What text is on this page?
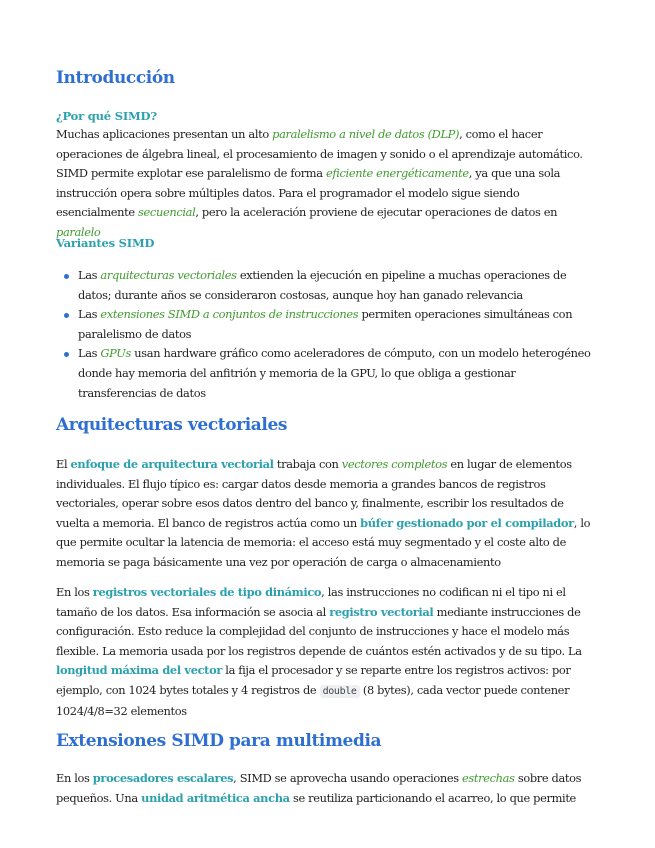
Introducción
¿Por qué SIMD?

Muchas aplicaciones presentan un alto paralelismo a nivel de datos (DLP), como el hacer operaciones de álgebra lineal, el procesamiento de imagen y sonido o el aprendizaje automático. SIMD permite explotar ese paralelismo de forma eficiente energéticamente, ya que una sola instrucción opera sobre múltiples datos. Para el programador el modelo sigue siendo esencialmente secuencial, pero la aceleración proviene de ejecutar operaciones de datos en paralelo

Variantes SIMD
Las arquitecturas vectoriales extienden la ejecución en pipeline a muchas operaciones de datos; durante años se consideraron costosas, aunque hoy han ganado relevancia
Las extensiones SIMD a conjuntos de instrucciones permiten operaciones simultáneas con paralelismo de datos
Las GPUs usan hardware gráfico como aceleradores de cómputo, con un modelo heterogéneo donde hay memoria del anfitrión y memoria de la GPU, lo que obliga a gestionar transferencias de datos
Arquitecturas vectoriales

El enfoque de arquitectura vectorial trabaja con vectores completos en lugar de elementos individuales. El flujo típico es: cargar datos desde memoria a grandes bancos de registros vectoriales, operar sobre esos datos dentro del banco y, finalmente, escribir los resultados de vuelta a memoria. El banco de registros actúa como un búfer gestionado por el compilador, lo que permite ocultar la latencia de memoria: el acceso está muy segmentado y el coste alto de memoria se paga básicamente una vez por operación de carga o almacenamiento

En los registros vectoriales de tipo dinámico, las instrucciones no codifican ni el tipo ni el tamaño de los datos. Esa información se asocia al registro vectorial mediante instrucciones de configuración. Esto reduce la complejidad del conjunto de instrucciones y hace el modelo más flexible. La memoria usada por los registros depende de cuántos estén activados y de su tipo. La longitud máxima del vector la fija el procesador y se reparte entre los registros activos: por ejemplo, con 1024 bytes totales y 4 registros de double (8 bytes), cada vector puede contener 1024/4/8=32 elementos

Extensiones SIMD para multimedia

En los procesadores escalares, SIMD se aprovecha usando operaciones estrechas sobre datos pequeños. Una unidad aritmética ancha se reutiliza particionando el acarreo, lo que permite
